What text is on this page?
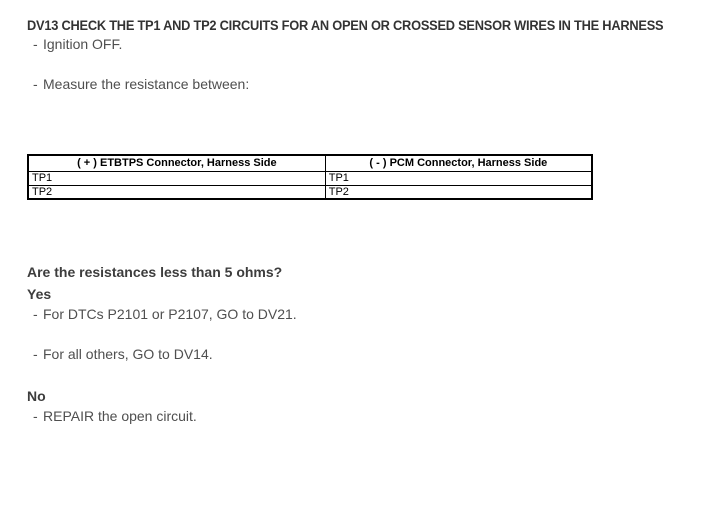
DV13 CHECK THE TP1 AND TP2 CIRCUITS FOR AN OPEN OR CROSSED SENSOR WIRES IN THE HARNESS
- Ignition OFF.
- Measure the resistance between:
( + ) ETBTPS Connector, Harness Side	( - ) PCM Connector, Harness Side
TP1	TP1
TP2	TP2

Are the resistances less than 5 ohms?

Yes

- For DTCs P2101 or P2107, GO to DV21.
- For all others, GO to DV14.

No

- REPAIR the open circuit.
